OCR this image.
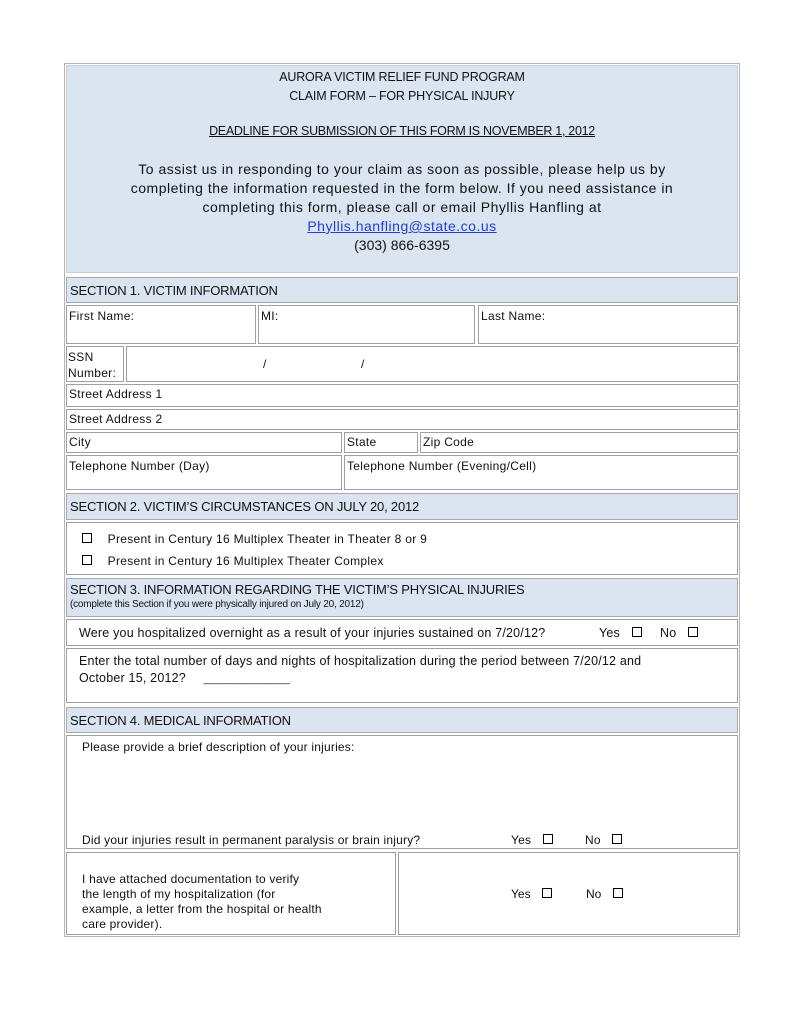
AURORA VICTIM RELIEF FUND PROGRAM
CLAIM FORM – FOR PHYSICAL INJURY
DEADLINE FOR SUBMISSION OF THIS FORM IS NOVEMBER 1, 2012
To assist us in responding to your claim as soon as possible, please help us by
completing the information requested in the form below. If you need assistance in
completing this form, please call or email Phyllis Hanfling at
Phyllis.hanfling@state.co.us
(303) 866-6395
SECTION 1. VICTIM INFORMATION
First Name:	MI:	Last Name:
SSN
Number:
/	/
Street Address 1
Street Address 2
City	State	Zip Code
Telephone Number (Day)	Telephone Number (Evening/Cell)
SECTION 2. VICTIM’S CIRCUMSTANCES ON JULY 20, 2012
Present in Century 16 Multiplex Theater in Theater 8 or 9
Present in Century 16 Multiplex Theater Complex
SECTION 3. INFORMATION REGARDING THE VICTIM’S PHYSICAL INJURIES
(complete this Section if you were physically injured on July 20, 2012)
Were you hospitalized overnight as a result of your injuries sustained on 7/20/12?	Yes	No
Enter the total number of days and nights of hospitalization during the period between 7/20/12 and
October 15, 2012? _______________
SECTION 4. MEDICAL INFORMATION
Please provide a brief description of your injuries:
Did your injuries result in permanent paralysis or brain injury?	Yes	No
I have attached documentation to verify
the length of my hospitalization (for
example, a letter from the hospital or health
care provider).
Yes	No
